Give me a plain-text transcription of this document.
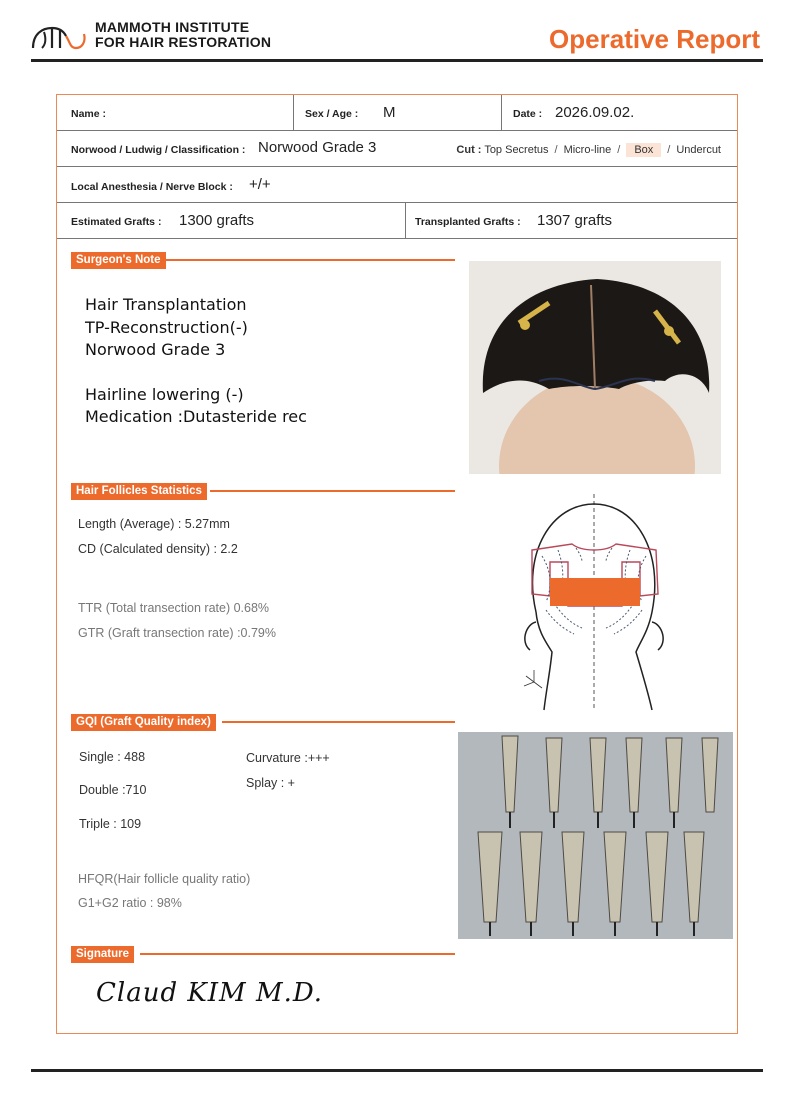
MAMMOTH INSTITUTE
FOR HAIR RESTORATION	Operative Report
Name :	Sex / Age : M	Date : 2026.09.02.
Norwood / Ludwig / Classification : Norwood Grade 3	Cut : Top Secretus / Micro-line / Box / Undercut
Local Anesthesia / Nerve Block : +/+
Estimated Grafts : 1300 grafts	Transplanted Grafts : 1307 grafts
Surgeon's Note
Hair Transplantation
TP-Reconstruction(-)
Norwood Grade 3
Hairline lowering (-)
Medication :Dutasteride rec
Hair Follicles Statistics
Length (Average) : 5.27mm
CD (Calculated density) : 2.2
TTR (Total transection rate) 0.68%
GTR (Graft transection rate) :0.79%
GQI (Graft Quality index)
Single : 488
Double :710
Triple : 109
Curvature :+++
Splay : +
HFQR(Hair follicle quality ratio)
G1+G2 ratio : 98%
Signature
Claud KIM M.D.
